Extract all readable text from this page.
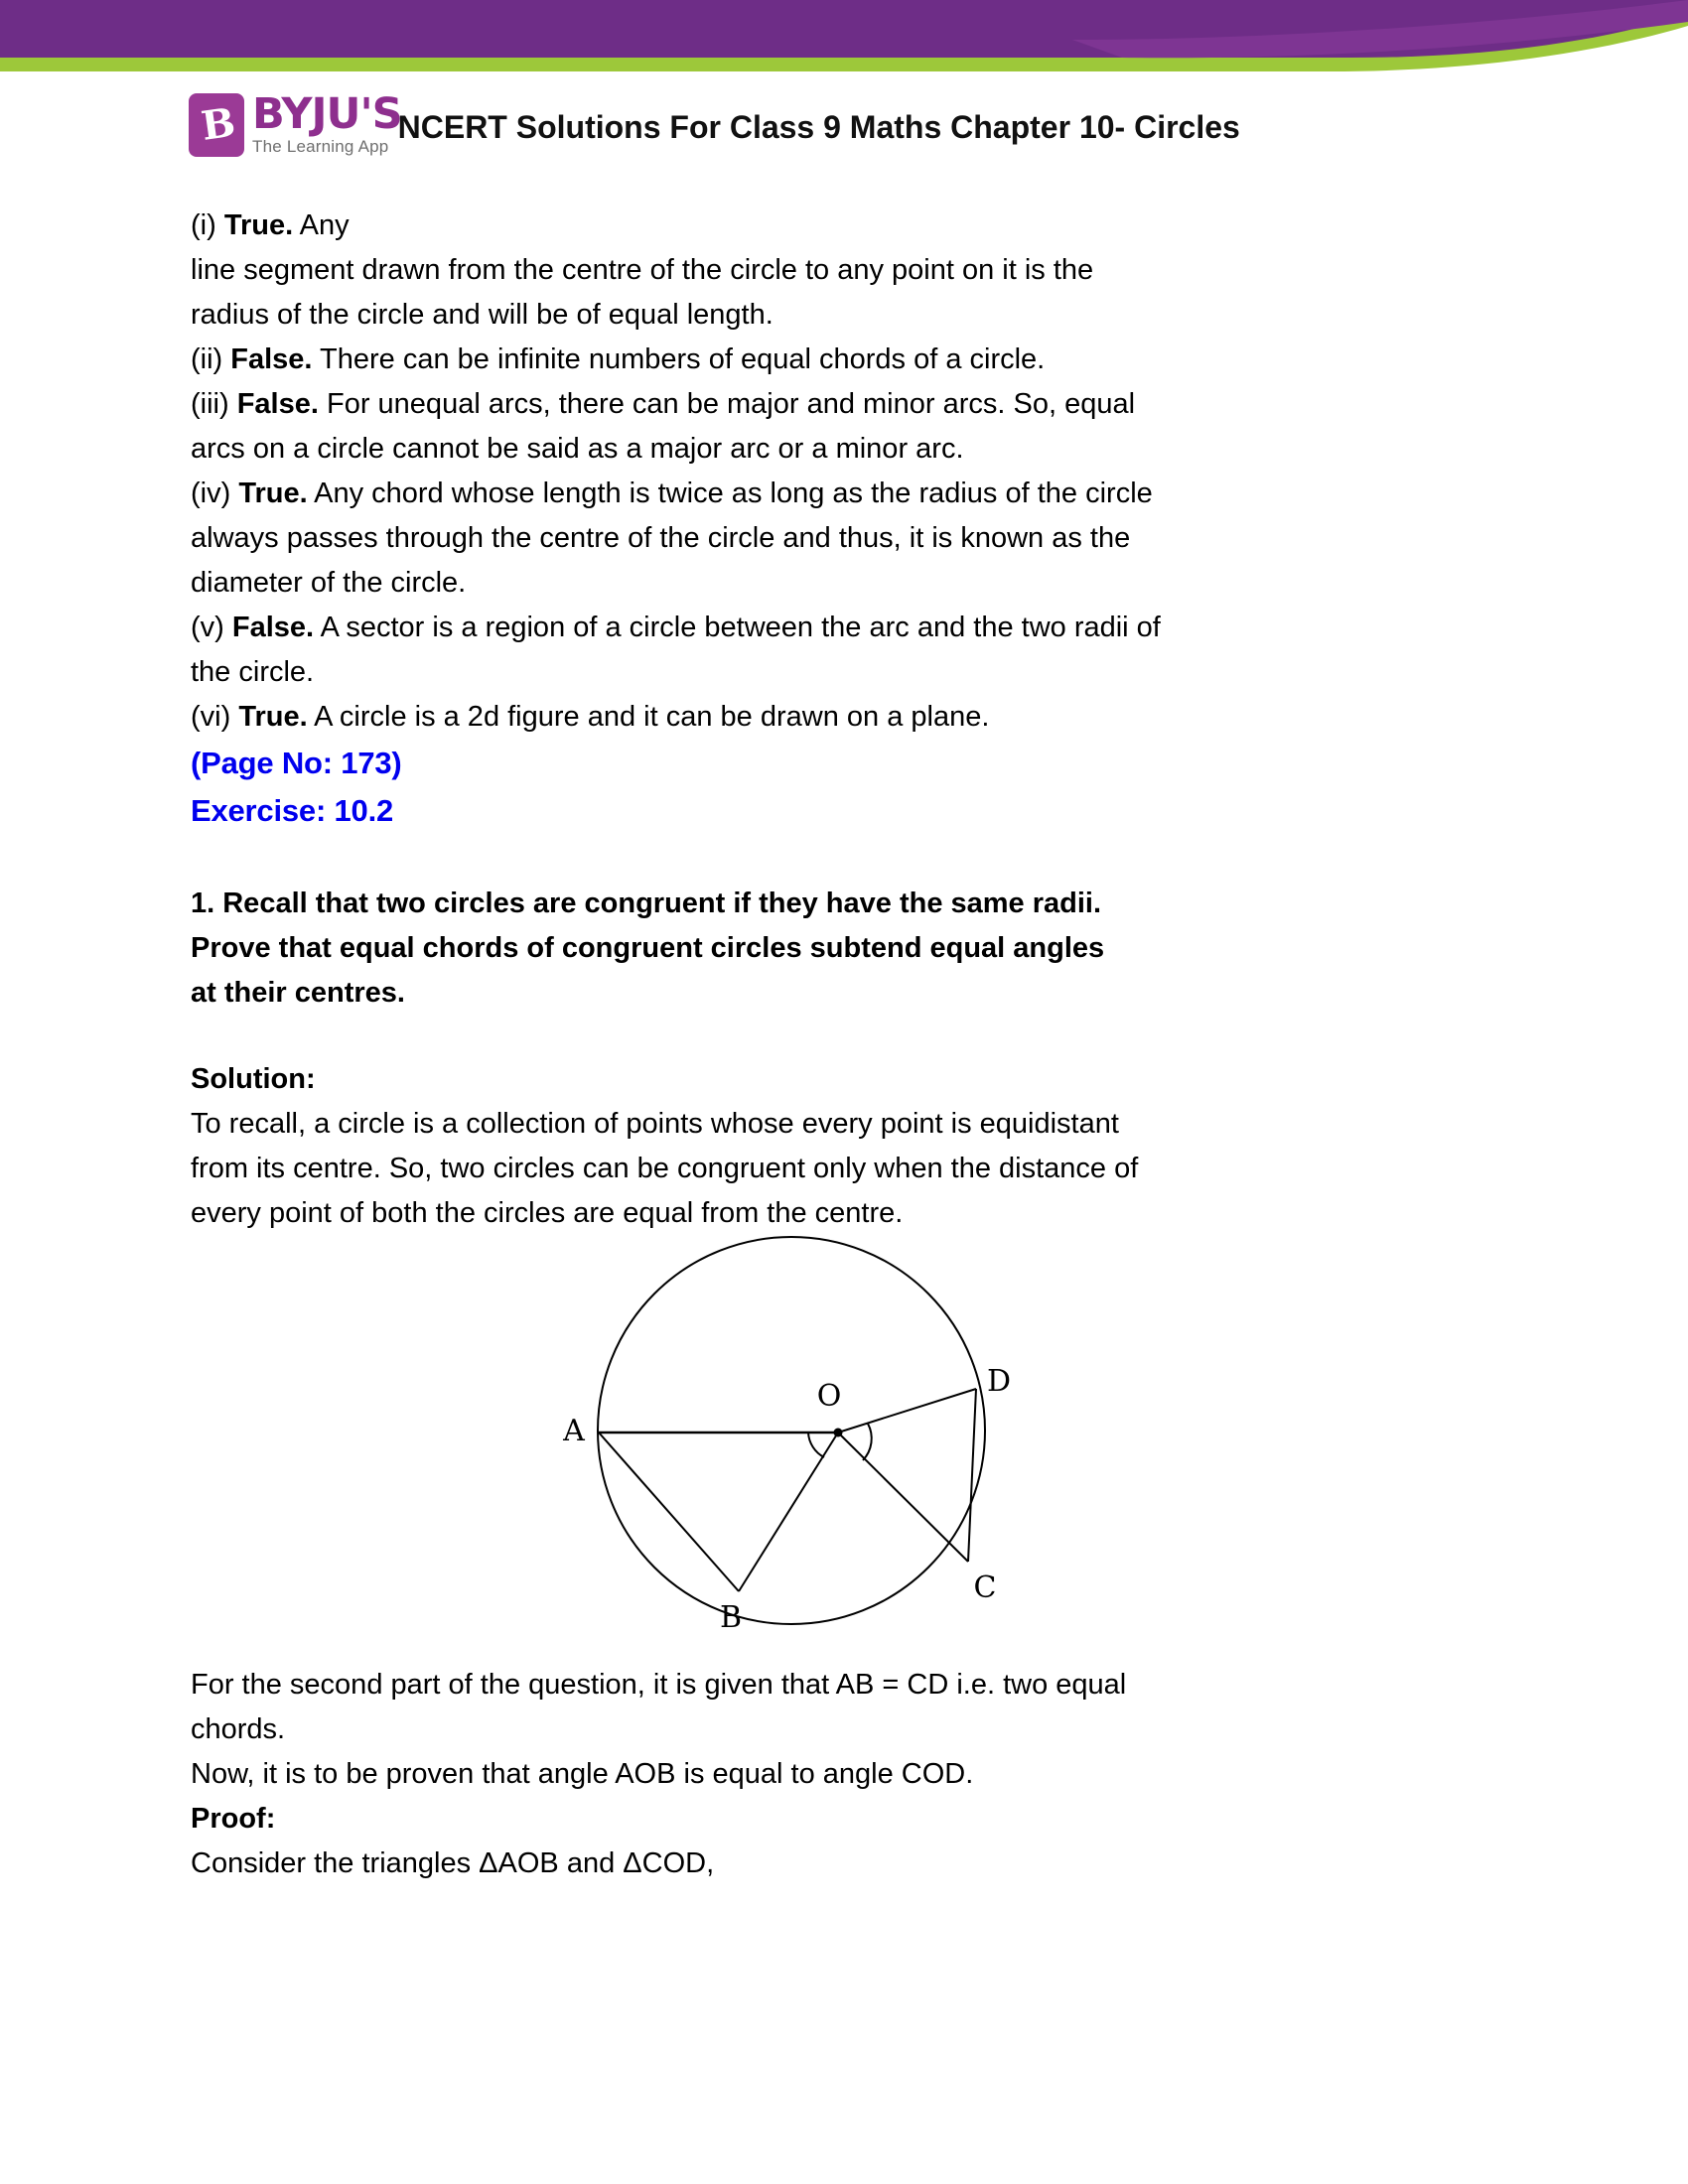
B BYJU'S
The Learning App
NCERT Solutions For Class 9 Maths Chapter 10- Circles

(i) True. Any

line segment drawn from the centre of the circle to any point on it is the

radius of the circle and will be of equal length.

(ii) False. There can be infinite numbers of equal chords of a circle.

(iii) False. For unequal arcs, there can be major and minor arcs. So, equal

arcs on a circle cannot be said as a major arc or a minor arc.

(iv) True. Any chord whose length is twice as long as the radius of the circle

always passes through the centre of the circle and thus, it is known as the

diameter of the circle.

(v) False. A sector is a region of a circle between the arc and the two radii of

the circle.

(vi) True. A circle is a 2d figure and it can be drawn on a plane.

(Page No: 173)

Exercise: 10.2

1. Recall that two circles are congruent if they have the same radii.

Prove that equal chords of congruent circles subtend equal angles

at their centres.

Solution:

To recall, a circle is a collection of points whose every point is equidistant

from its centre. So, two circles can be congruent only when the distance of

every point of both the circles are equal from the centre.

A
B
C
D
O

For the second part of the question, it is given that AB = CD i.e. two equal

chords.

Now, it is to be proven that angle AOB is equal to angle COD.

Proof:

Consider the triangles ΔAOB and ΔCOD,
